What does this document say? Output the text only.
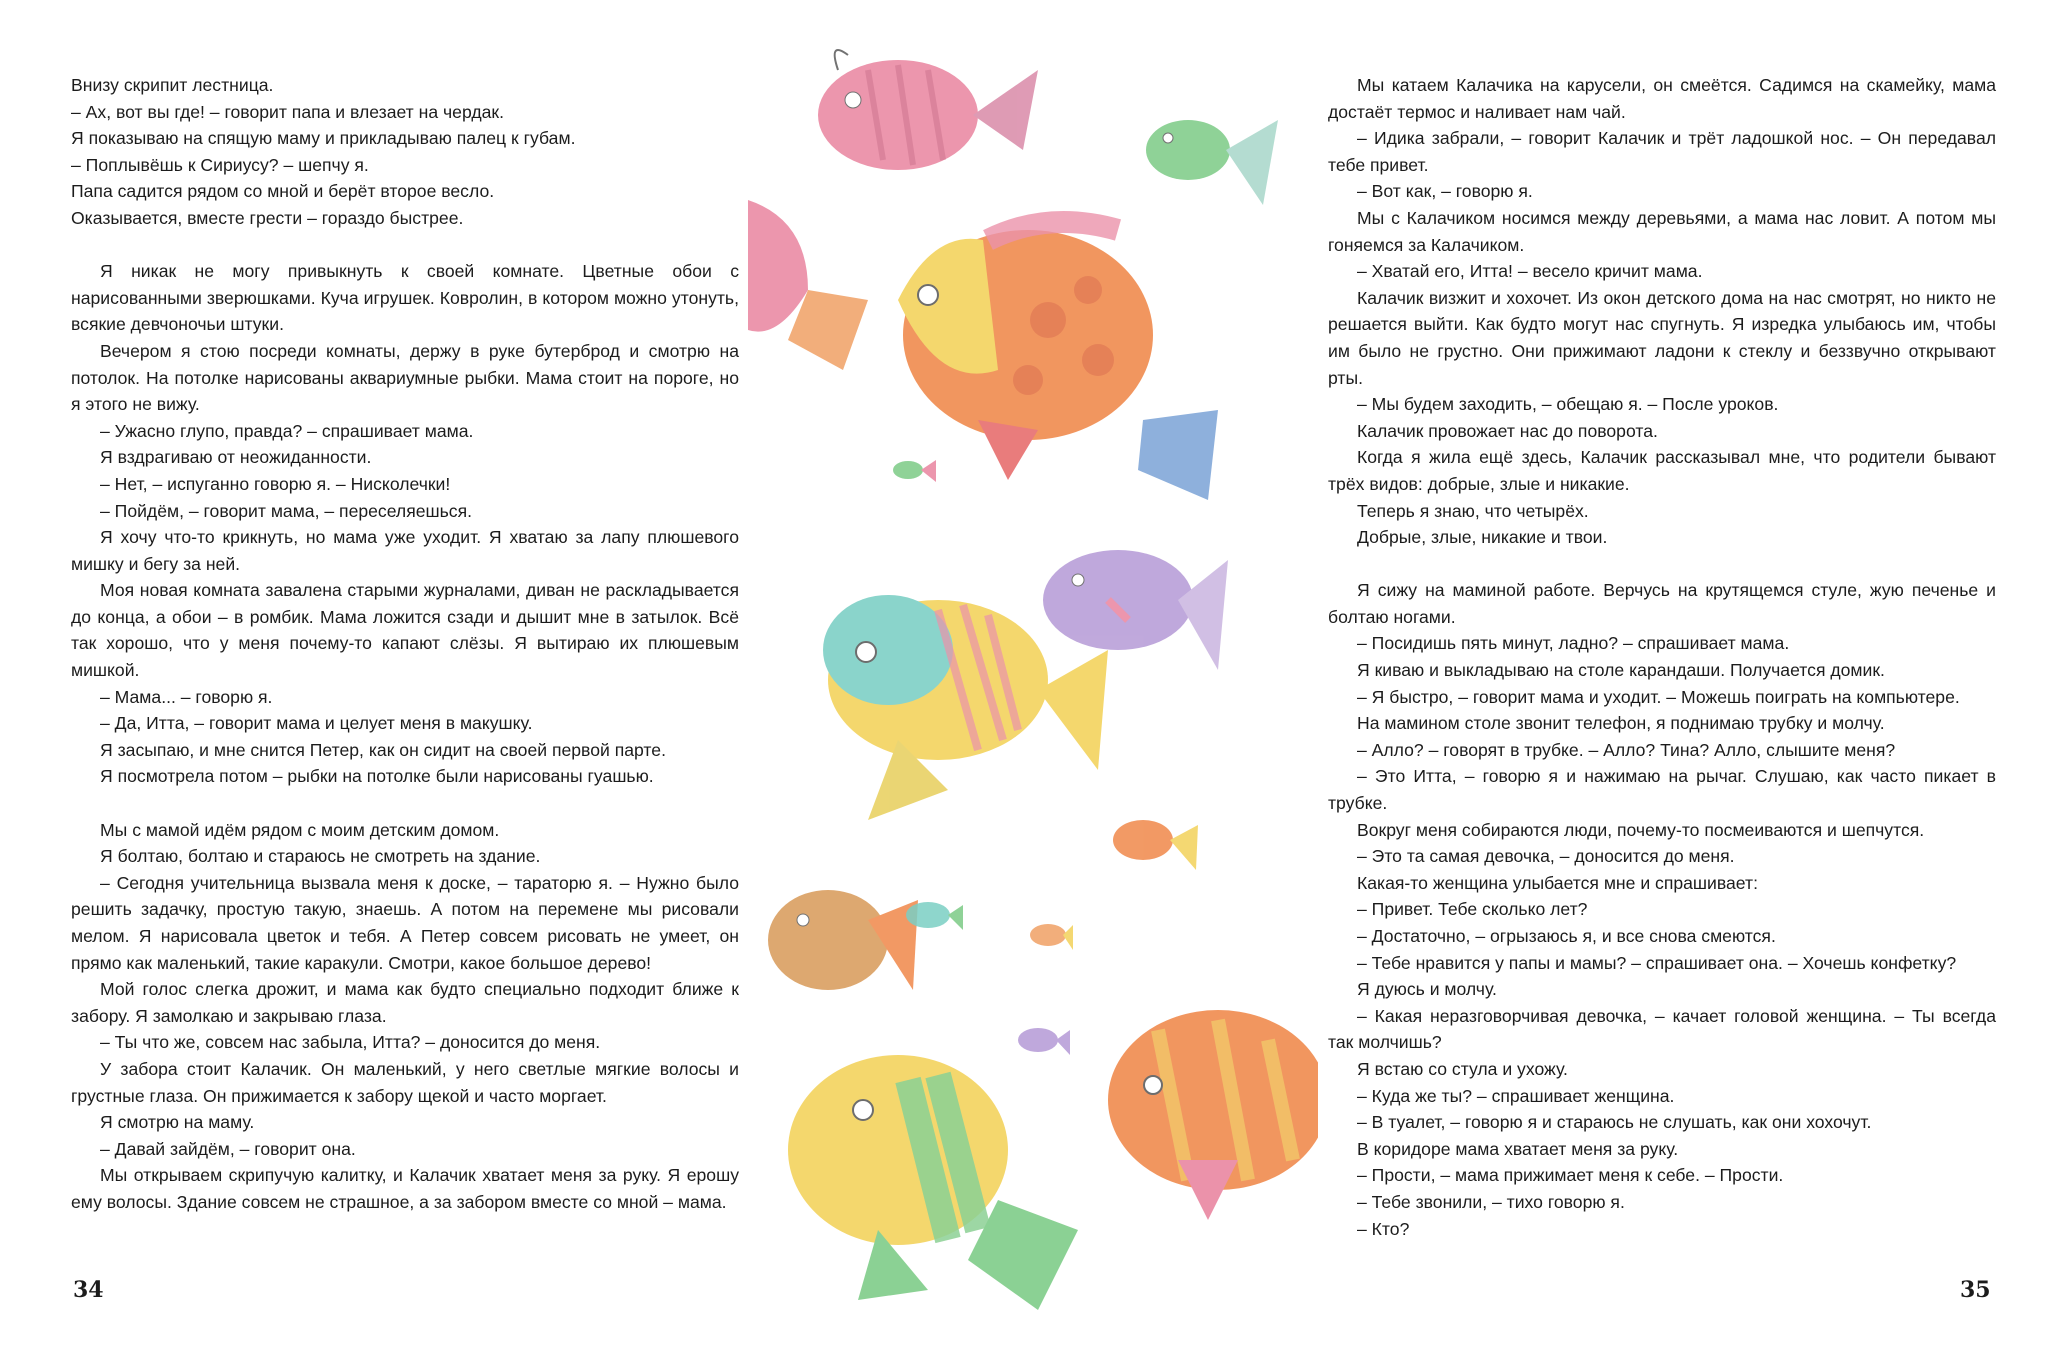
Внизу скрипит лестница.

– Ах, вот вы где! – говорит папа и влезает на чердак.

Я показываю на спящую маму и прикладываю палец к губам.

– Поплывёшь к Сириусу? – шепчу я.

Папа садится рядом со мной и берёт второе весло.

Оказывается, вместе грести – гораздо быстрее.

Я никак не могу привыкнуть к своей комнате. Цветные обои с нарисованными зверюшками. Куча игрушек. Ковролин, в котором можно утонуть, всякие девчоночьи штуки.

Вечером я стою посреди комнаты, держу в руке бутерброд и смотрю на потолок. На потолке нарисованы аквариумные рыбки. Мама стоит на пороге, но я этого не вижу.

– Ужасно глупо, правда? – спрашивает мама.

Я вздрагиваю от неожиданности.

– Нет, – испуганно говорю я. – Нисколечки!

– Пойдём, – говорит мама, – переселяешься.

Я хочу что-то крикнуть, но мама уже уходит. Я хватаю за лапу плюшевого мишку и бегу за ней.

Моя новая комната завалена старыми журналами, диван не раскладывается до конца, а обои – в ромбик. Мама ложится сзади и дышит мне в затылок. Всё так хорошо, что у меня почему-то капают слёзы. Я вытираю их плюшевым мишкой.

– Мама... – говорю я.

– Да, Итта, – говорит мама и целует меня в макушку.

Я засыпаю, и мне снится Петер, как он сидит на своей первой парте.

Я посмотрела потом – рыбки на потолке были нарисованы гуашью.

Мы с мамой идём рядом с моим детским домом.

Я болтаю, болтаю и стараюсь не смотреть на здание.

– Сегодня учительница вызвала меня к доске, – тараторю я. – Нужно было решить задачку, простую такую, знаешь. А потом на перемене мы рисовали мелом. Я нарисовала цветок и тебя. А Петер совсем рисовать не умеет, он прямо как маленький, такие каракули. Смотри, какое большое дерево!

Мой голос слегка дрожит, и мама как будто специально подходит ближе к забору. Я замолкаю и закрываю глаза.

– Ты что же, совсем нас забыла, Итта? – доносится до меня.

У забора стоит Калачик. Он маленький, у него светлые мягкие волосы и грустные глаза. Он прижимается к забору щекой и часто моргает.

Я смотрю на маму.

– Давай зайдём, – говорит она.

Мы открываем скрипучую калитку, и Калачик хватает меня за руку. Я ерошу ему волосы. Здание совсем не страшное, а за забором вместе со мной – мама.

34

Мы катаем Калачика на карусели, он смеётся. Садимся на скамейку, мама достаёт термос и наливает нам чай.

– Идика забрали, – говорит Калачик и трёт ладошкой нос. – Он передавал тебе привет.

– Вот как, – говорю я.

Мы с Калачиком носимся между деревьями, а мама нас ловит. А потом мы гоняемся за Калачиком.

– Хватай его, Итта! – весело кричит мама.

Калачик визжит и хохочет. Из окон детского дома на нас смотрят, но никто не решается выйти. Как будто могут нас спугнуть. Я изредка улыбаюсь им, чтобы им было не грустно. Они прижимают ладони к стеклу и беззвучно открывают рты.

– Мы будем заходить, – обещаю я. – После уроков.

Калачик провожает нас до поворота.

Когда я жила ещё здесь, Калачик рассказывал мне, что родители бывают трёх видов: добрые, злые и никакие.

Теперь я знаю, что четырёх.

Добрые, злые, никакие и твои.

Я сижу на маминой работе. Верчусь на крутящемся стуле, жую печенье и болтаю ногами.

– Посидишь пять минут, ладно? – спрашивает мама.

Я киваю и выкладываю на столе карандаши. Получается домик.

– Я быстро, – говорит мама и уходит. – Можешь поиграть на компьютере.

На мамином столе звонит телефон, я поднимаю трубку и молчу.

– Алло? – говорят в трубке. – Алло? Тина? Алло, слышите меня?

– Это Итта, – говорю я и нажимаю на рычаг. Слушаю, как часто пикает в трубке.

Вокруг меня собираются люди, почему-то посмеиваются и шепчутся.

– Это та самая девочка, – доносится до меня.

Какая-то женщина улыбается мне и спрашивает:

– Привет. Тебе сколько лет?

– Достаточно, – огрызаюсь я, и все снова смеются.

– Тебе нравится у папы и мамы? – спрашивает она. – Хочешь конфетку?

Я дуюсь и молчу.

– Какая неразговорчивая девочка, – качает головой женщина. – Ты всегда так молчишь?

Я встаю со стула и ухожу.

– Куда же ты? – спрашивает женщина.

– В туалет, – говорю я и стараюсь не слушать, как они хохочут.

В коридоре мама хватает меня за руку.

– Прости, – мама прижимает меня к себе. – Прости.

– Тебе звонили, – тихо говорю я.

– Кто?

35
